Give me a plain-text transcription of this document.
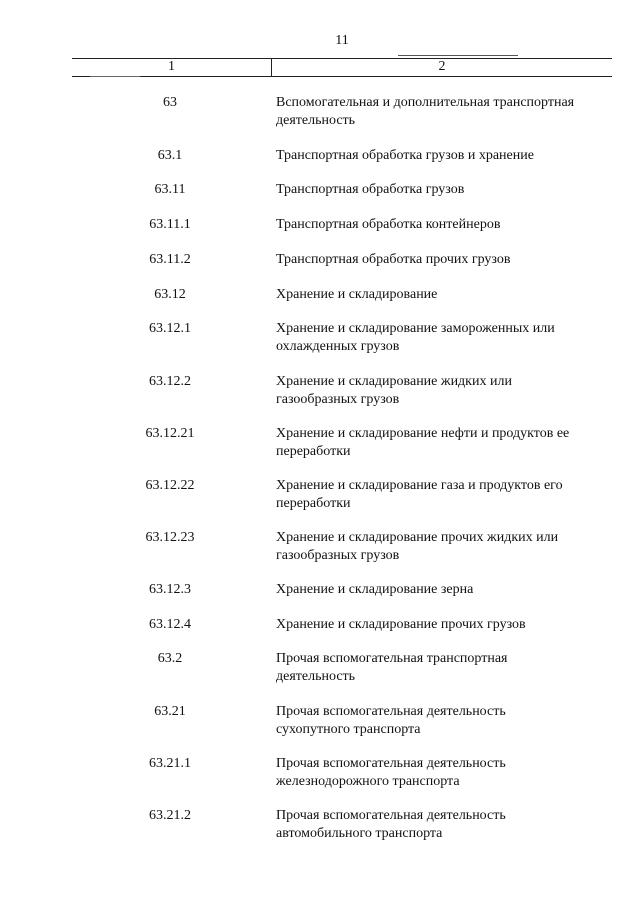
11
1	2
63	Вспомогательная и дополнительная транспортная деятельность
63.1	Транспортная обработка грузов и хранение
63.11	Транспортная обработка грузов
63.11.1	Транспортная обработка контейнеров
63.11.2	Транспортная обработка прочих грузов
63.12	Хранение и складирование
63.12.1	Хранение и складирование замороженных или охлажденных грузов
63.12.2	Хранение и складирование жидких или газообразных грузов
63.12.21	Хранение и складирование нефти и продуктов ее переработки
63.12.22	Хранение и складирование газа и продуктов его переработки
63.12.23	Хранение и складирование прочих жидких или газообразных грузов
63.12.3	Хранение и складирование зерна
63.12.4	Хранение и складирование прочих грузов
63.2	Прочая вспомогательная транспортная деятельность
63.21	Прочая вспомогательная деятельность сухопутного транспорта
63.21.1	Прочая вспомогательная деятельность железнодорожного транспорта
63.21.2	Прочая вспомогательная деятельность автомобильного транспорта
